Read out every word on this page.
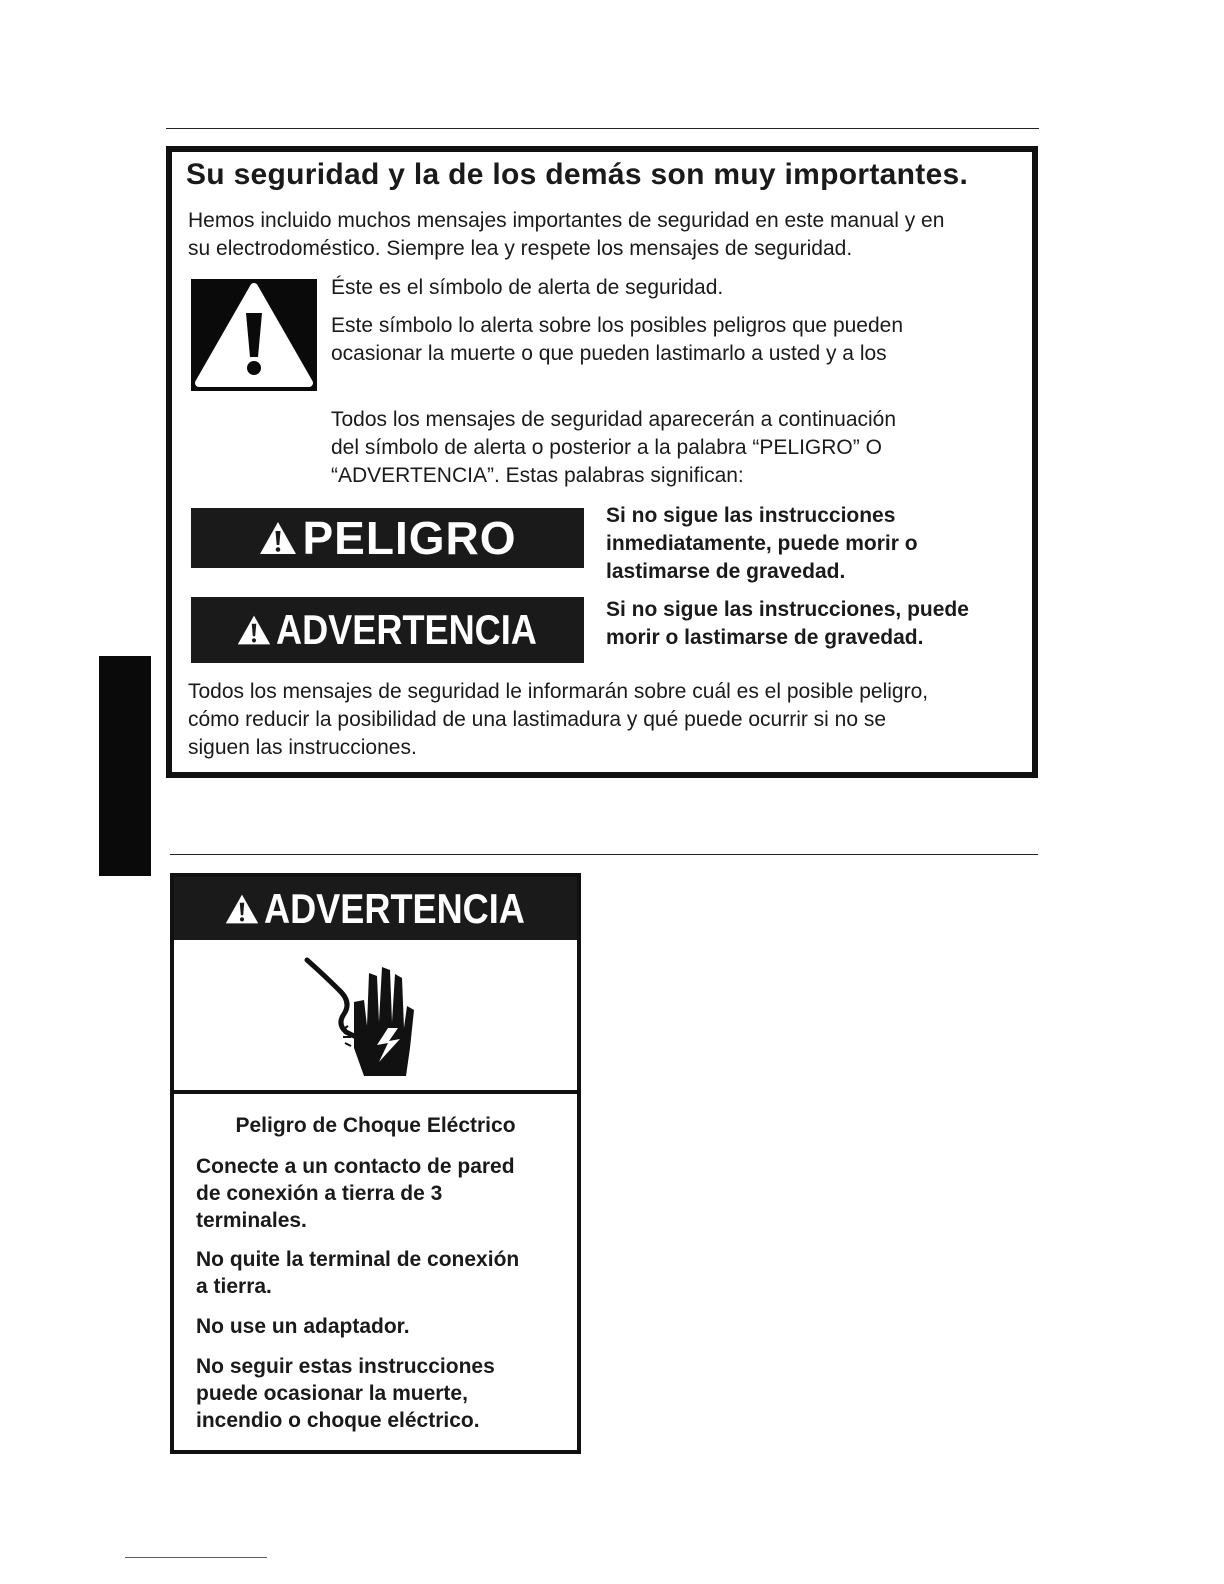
Su seguridad y la de los demás son muy importantes.

Hemos incluido muchos mensajes importantes de seguridad en este manual y en

su electrodoméstico. Siempre lea y respete los mensajes de seguridad.

Éste es el símbolo de alerta de seguridad.

Este símbolo lo alerta sobre los posibles peligros que pueden

ocasionar la muerte o que pueden lastimarlo a usted y a los

Todos los mensajes de seguridad aparecerán a continuación

del símbolo de alerta o posterior a la palabra “PELIGRO” O

“ADVERTENCIA”. Estas palabras significan:

PELIGRO	Si no sigue las instrucciones

inmediatamente, puede morir o

lastimarse de gravedad.

ADVERTENCIA	Si no sigue las instrucciones, puede

morir o lastimarse de gravedad.

Todos los mensajes de seguridad le informarán sobre cuál es el posible peligro,

cómo reducir la posibilidad de una lastimadura y qué puede ocurrir si no se

siguen las instrucciones.

ADVERTENCIA

Peligro de Choque Eléctrico

Conecte a un contacto de pared

de conexión a tierra de 3

terminales.

No quite la terminal de conexión

a tierra.

No use un adaptador.

No seguir estas instrucciones

puede ocasionar la muerte,

incendio o choque eléctrico.
